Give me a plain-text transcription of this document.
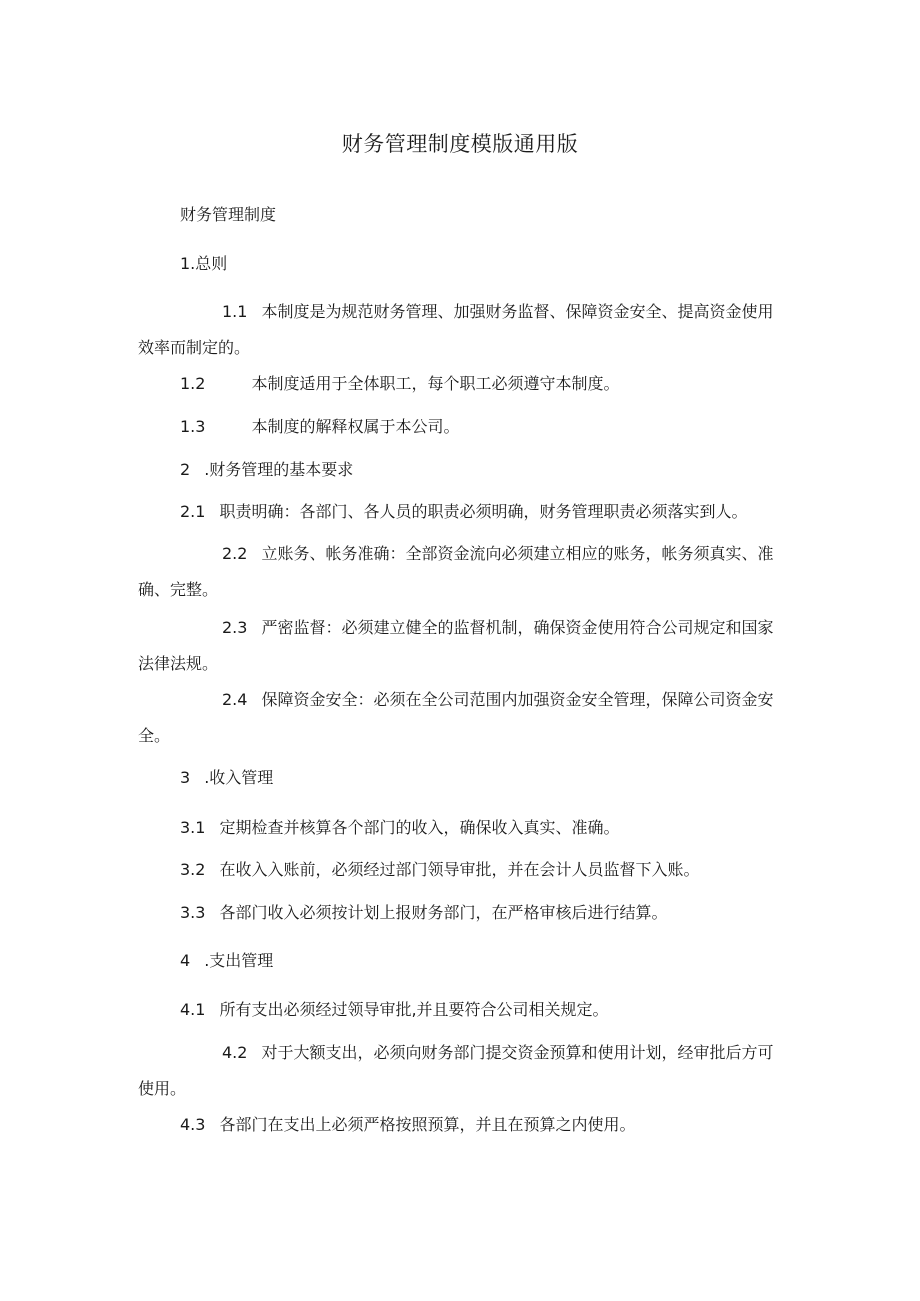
财务管理制度模版通用版
财务管理制度
1.总则
1.1 本制度是为规范财务管理、加强财务监督、保障资金安全、提高资金使用效率而制定的。
1.2	本制度适用于全体职工，每个职工必须遵守本制度。
1.3	本制度的解释权属于本公司。
2 .财务管理的基本要求
2.1 职责明确：各部门、各人员的职责必须明确，财务管理职责必须落实到人。
2.2 立账务、帐务准确：全部资金流向必须建立相应的账务，帐务须真实、准确、完整。
2.3 严密监督：必须建立健全的监督机制，确保资金使用符合公司规定和国家法律法规。
2.4 保障资金安全：必须在全公司范围内加强资金安全管理，保障公司资金安全。
3 .收入管理
3.1 定期检查并核算各个部门的收入，确保收入真实、准确。
3.2 在收入入账前，必须经过部门领导审批，并在会计人员监督下入账。
3.3 各部门收入必须按计划上报财务部门，在严格审核后进行结算。
4 .支出管理
4.1 所有支出必须经过领导审批,并且要符合公司相关规定。
4.2 对于大额支出，必须向财务部门提交资金预算和使用计划，经审批后方可使用。
4.3 各部门在支出上必须严格按照预算，并且在预算之内使用。
